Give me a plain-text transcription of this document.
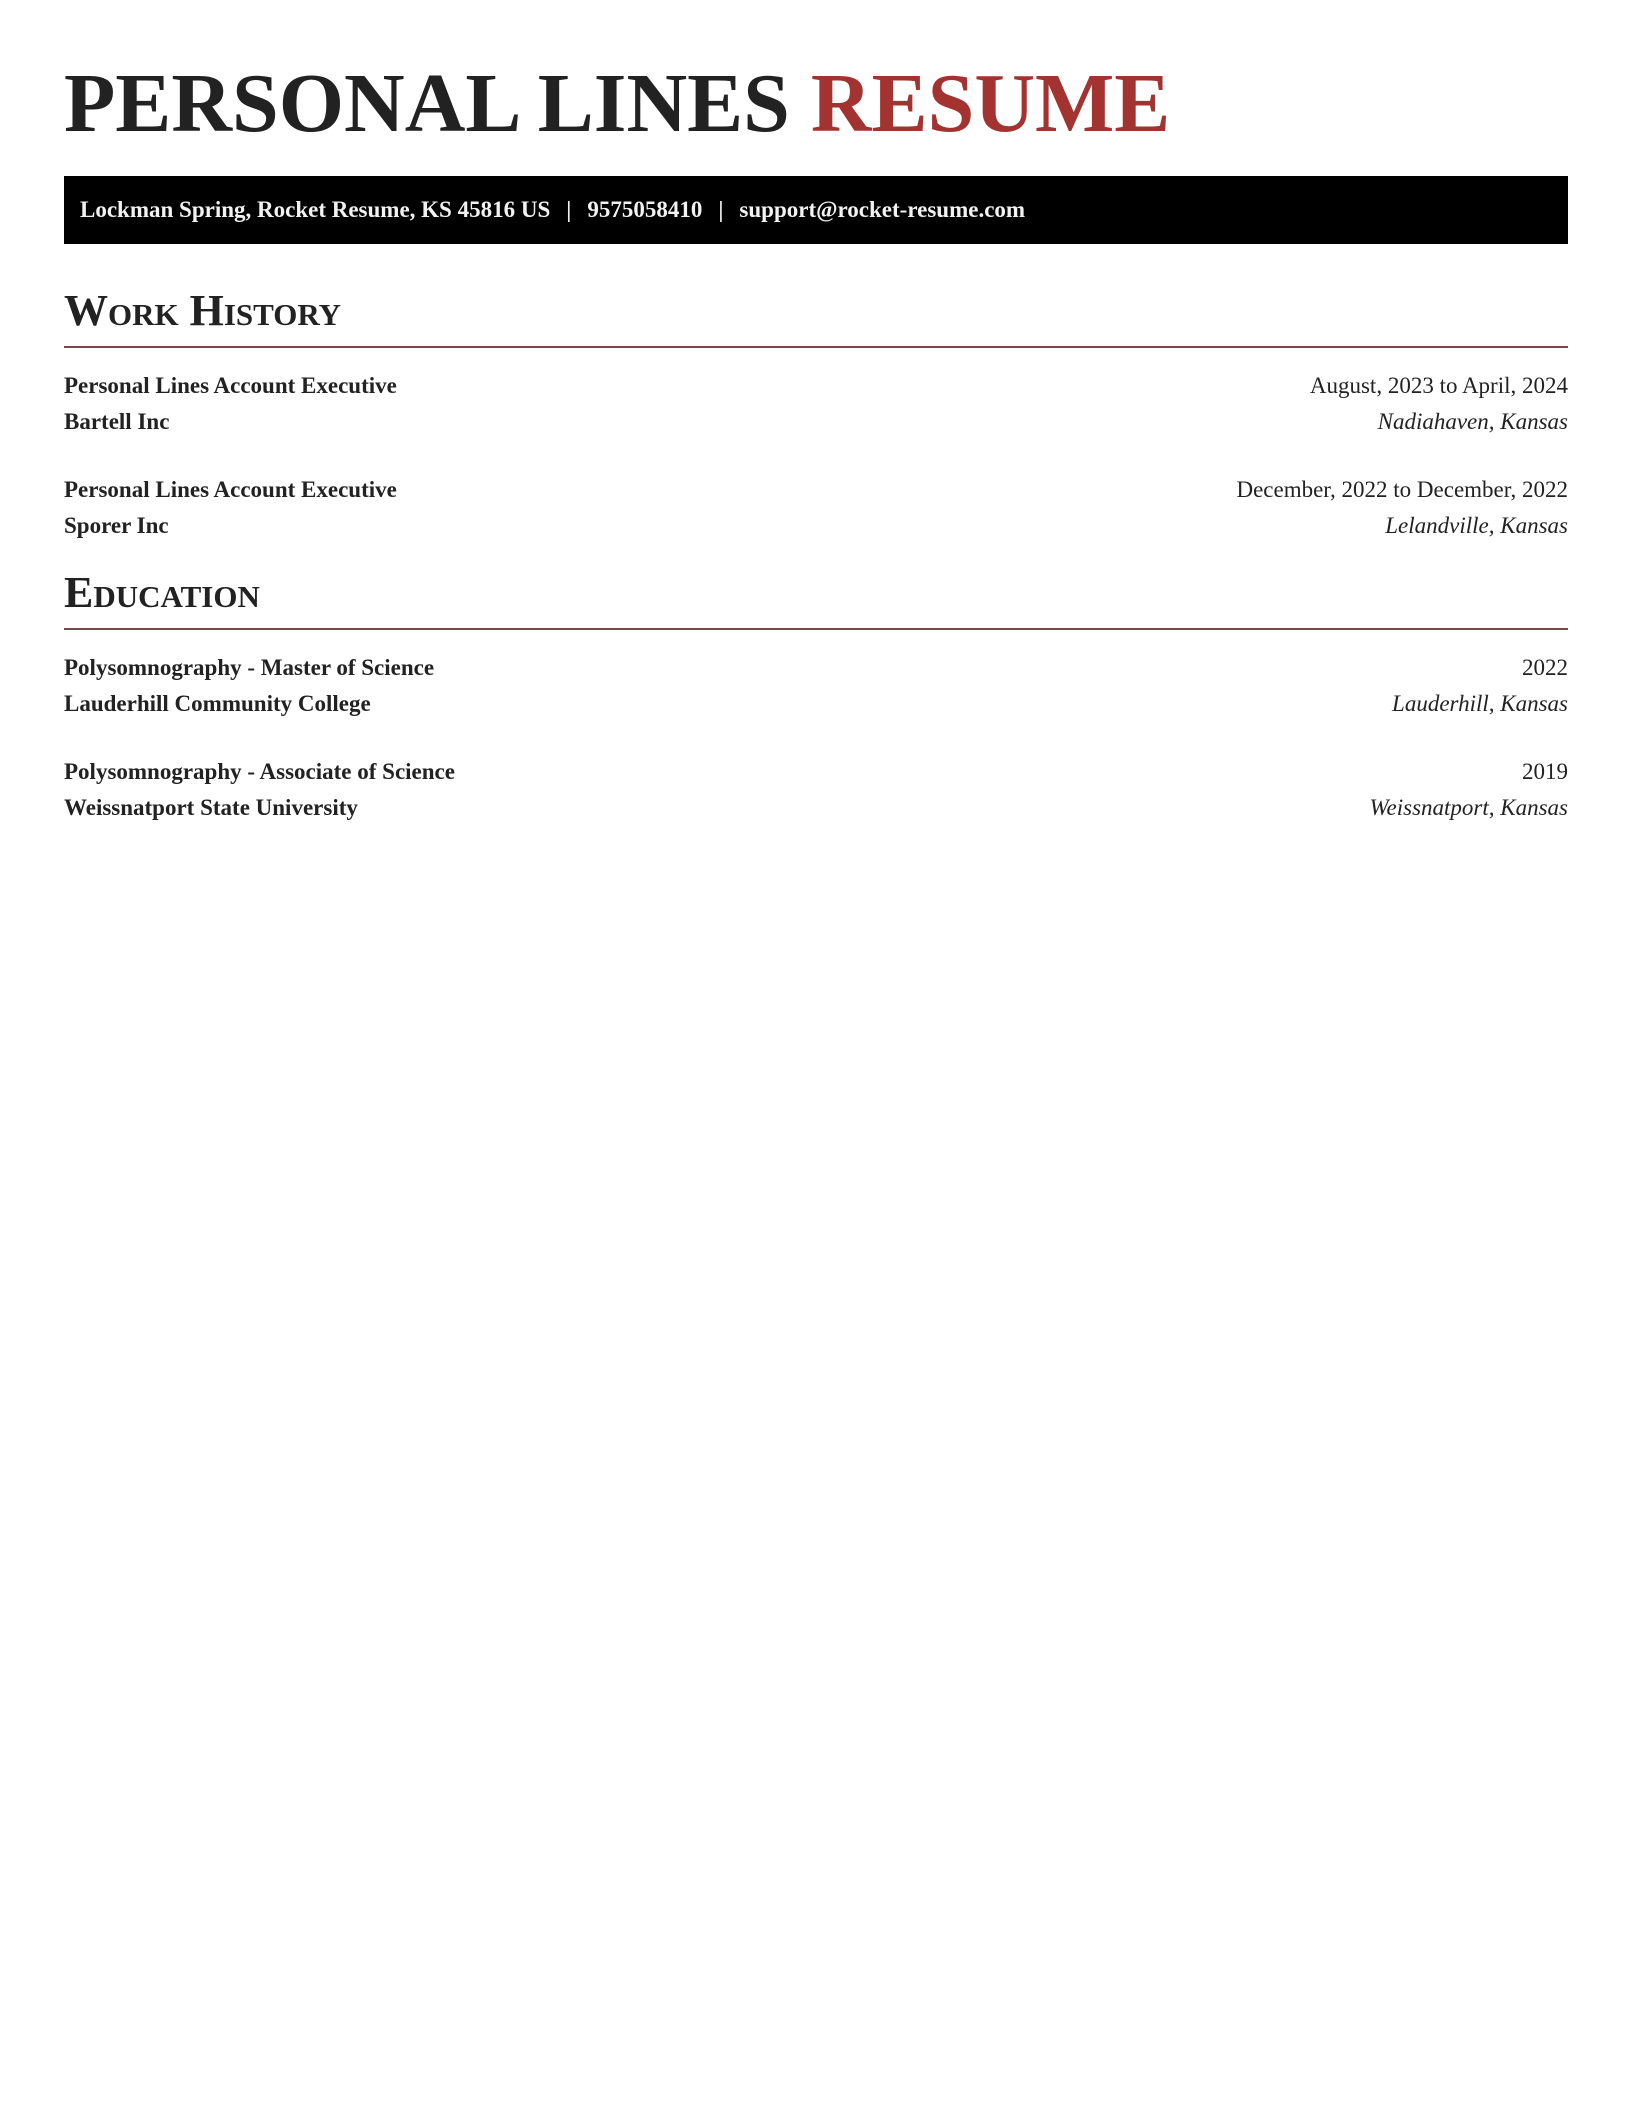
PERSONAL LINES RESUME
Lockman Spring, Rocket Resume, KS 45816 US | 9575058410 | support@rocket-resume.com
Work History
Personal Lines Account Executive	August, 2023 to April, 2024
Bartell Inc	Nadiahaven, Kansas
Personal Lines Account Executive	December, 2022 to December, 2022
Sporer Inc	Lelandville, Kansas
Education
Polysomnography - Master of Science	2022
Lauderhill Community College	Lauderhill, Kansas
Polysomnography - Associate of Science	2019
Weissnatport State University	Weissnatport, Kansas
